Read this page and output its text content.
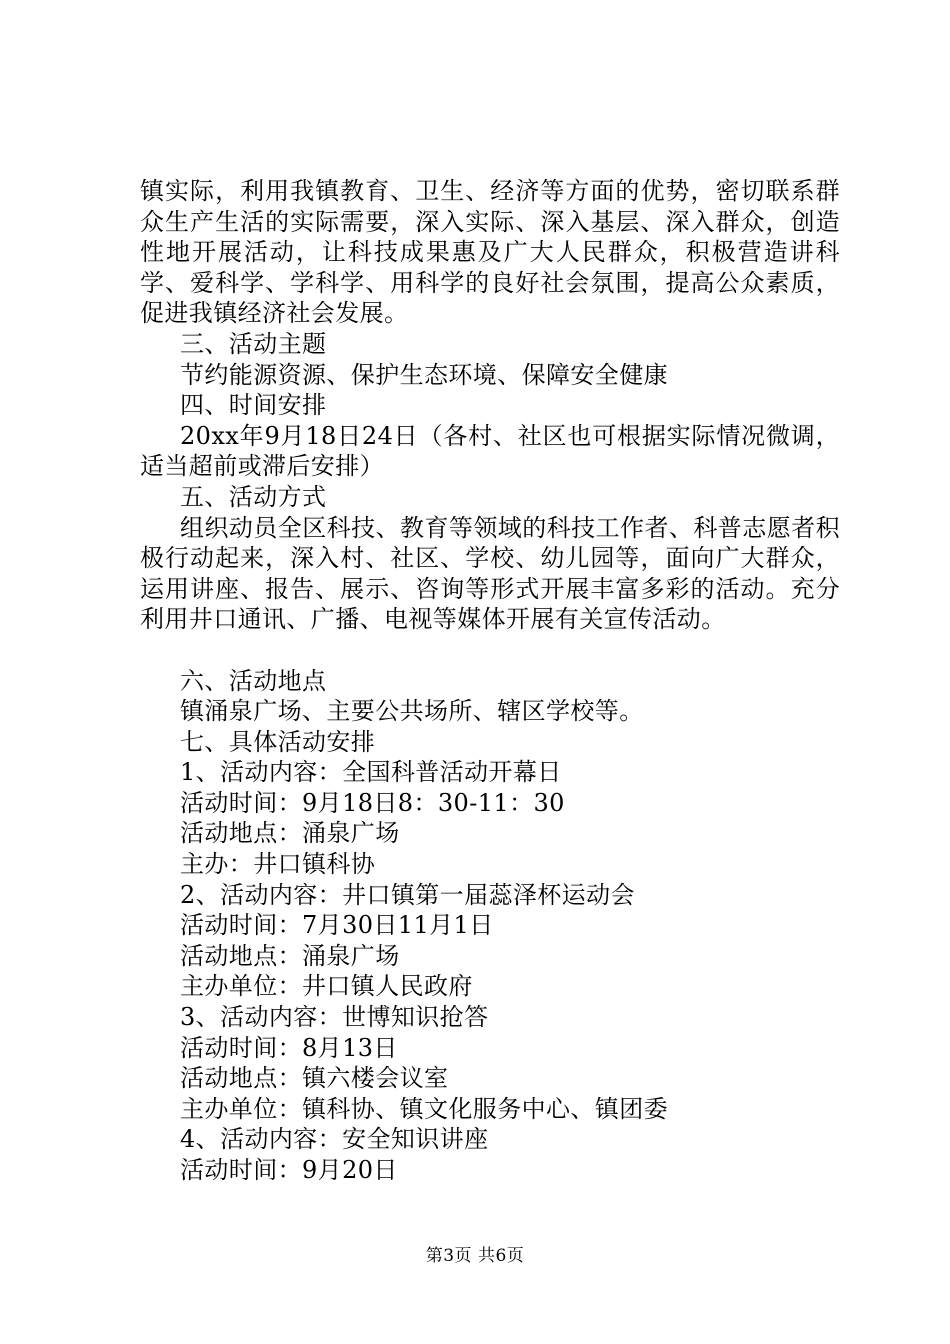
镇实际，利用我镇教育、卫生、经济等方面的优势，密切联系群众生产生活的实际需要，深入实际、深入基层、深入群众，创造性地开展活动，让科技成果惠及广大人民群众，积极营造讲科学、爱科学、学科学、用科学的良好社会氛围，提高公众素质，促进我镇经济社会发展。

三、活动主题
节约能源资源、保护生态环境、保障安全健康
四、时间安排

20xx年9月18日24日（各村、社区也可根据实际情况微调，适当超前或滞后安排）

五、活动方式

组织动员全区科技、教育等领域的科技工作者、科普志愿者积极行动起来，深入村、社区、学校、幼儿园等，面向广大群众，运用讲座、报告、展示、咨询等形式开展丰富多彩的活动。充分利用井口通讯、广播、电视等媒体开展有关宣传活动。

六、活动地点
镇涌泉广场、主要公共场所、辖区学校等。
七、具体活动安排
1、活动内容：全国科普活动开幕日
活动时间：9月18日8：30-11：30
活动地点：涌泉广场
主办：井口镇科协
2、活动内容：井口镇第一届蕊泽杯运动会
活动时间：7月30日11月1日
活动地点：涌泉广场
主办单位：井口镇人民政府
3、活动内容：世博知识抢答
活动时间：8月13日
活动地点：镇六楼会议室
主办单位：镇科协、镇文化服务中心、镇团委
4、活动内容：安全知识讲座
活动时间：9月20日
第3页 共6页
